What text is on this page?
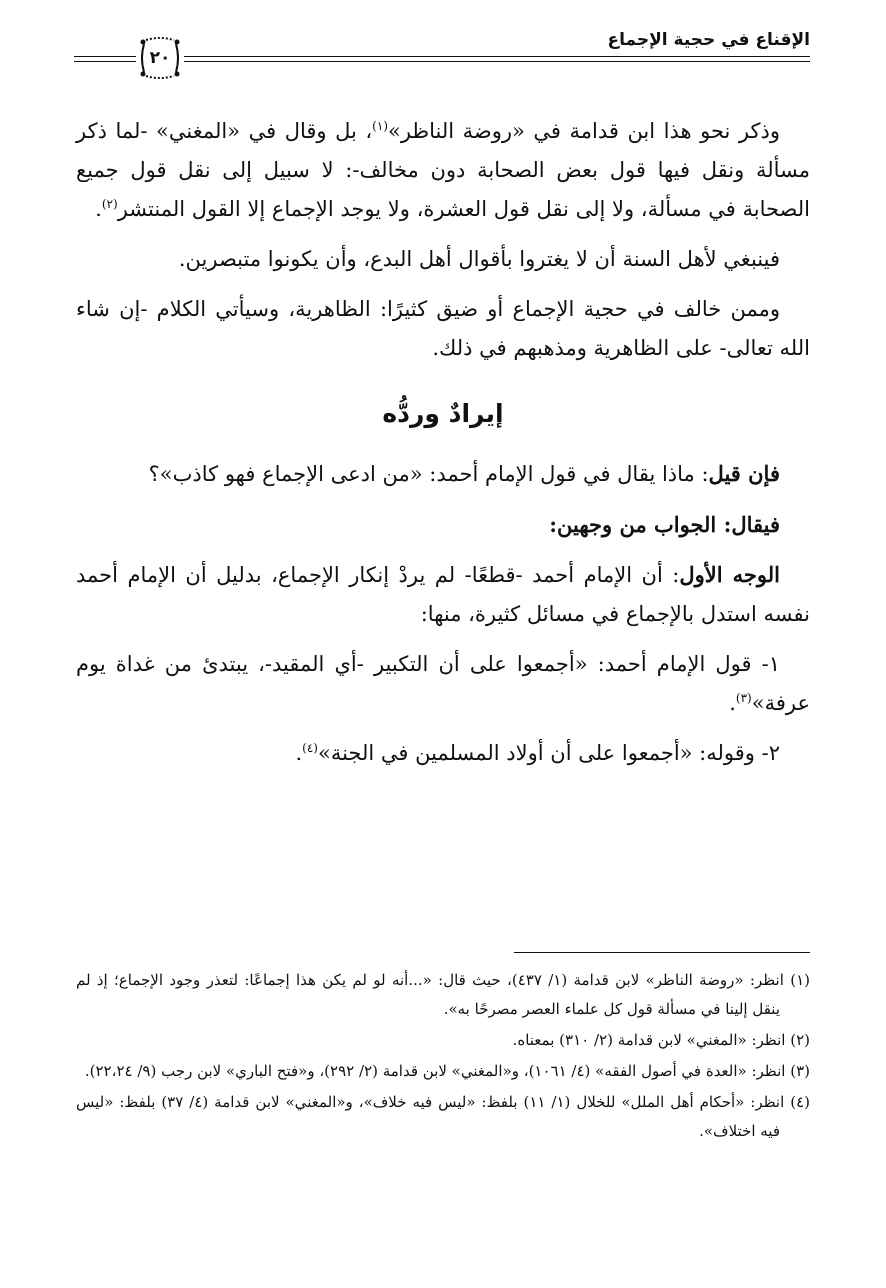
الإقناع في حجية الإجماع
٢٠

وذكر نحو هذا ابن قدامة في «روضة الناظر»$^{(١)}$، بل وقال في «المغني» -لما ذكر مسألة ونقل فيها قول بعض الصحابة دون مخالف-: لا سبيل إلى نقل قول جميع الصحابة في مسألة، ولا إلى نقل قول العشرة، ولا يوجد الإجماع إلا القول المنتشر$^{(٢)}$.

فينبغي لأهل السنة أن لا يغتروا بأقوال أهل البدع، وأن يكونوا متبصرين.

وممن خالف في حجية الإجماع أو ضيق كثيرًا: الظاهرية، وسيأتي الكلام -إن شاء الله تعالى- على الظاهرية ومذهبهم في ذلك.

إيرادٌ وردُّه

فإن قيل: ماذا يقال في قول الإمام أحمد: «من ادعى الإجماع فهو كاذب»؟

فيقال: الجواب من وجهين:

الوجه الأول: أن الإمام أحمد -قطعًا- لم يردْ إنكار الإجماع، بدليل أن الإمام أحمد نفسه استدل بالإجماع في مسائل كثيرة، منها:

١- قول الإمام أحمد: «أجمعوا على أن التكبير -أي المقيد-، يبتدئ من غداة يوم عرفة»$^{(٣)}$.

٢- وقوله: «أجمعوا على أن أولاد المسلمين في الجنة»$^{(٤)}$.

(١) انظر: «روضة الناظر» لابن قدامة (١/ ٤٣٧)، حيث قال: «...أنه لو لم يكن هذا إجماعًا: لتعذر وجود الإجماع؛ إذ لم ينقل إلينا في مسألة قول كل علماء العصر مصرحًا به».

(٢) انظر: «المغني» لابن قدامة (٢/ ٣١٠) بمعناه.

(٣) انظر: «العدة في أصول الفقه» (٤/ ١٠٦١)، و«المغني» لابن قدامة (٢/ ٢٩٢)، و«فتح الباري» لابن رجب (٩/ ٢٢،٢٤).

(٤) انظر: «أحكام أهل الملل» للخلال (١/ ١١) بلفظ: «ليس فيه خلاف»، و«المغني» لابن قدامة (٤/ ٣٧) بلفظ: «ليس فيه اختلاف».
